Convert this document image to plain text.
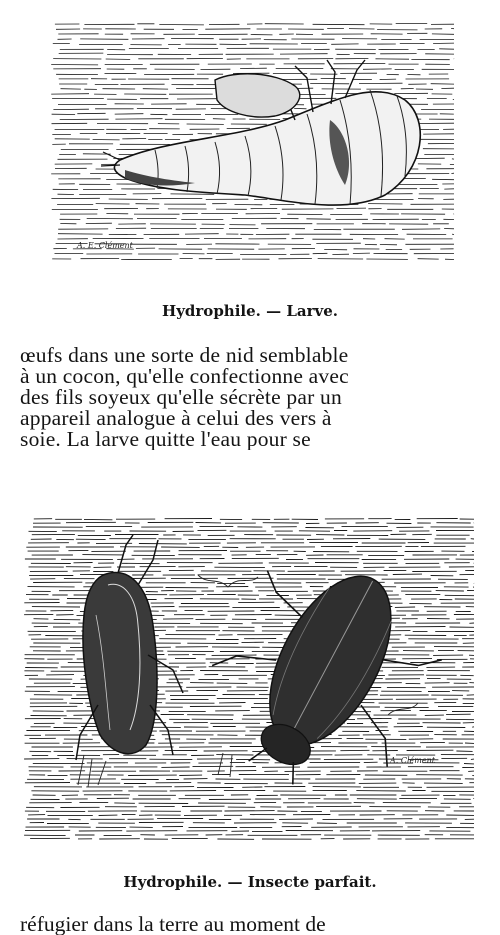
A. E. Clément
Hydrophile. — Larve.
œufs dans une sorte de nid semblable
à un cocon, qu'elle confectionne avec
des fils soyeux qu'elle sécrète par un
appareil analogue à celui des vers à
soie. La larve quitte l'eau pour se
A. Clément
Hydrophile. — Insecte parfait.
réfugier dans la terre au moment de
